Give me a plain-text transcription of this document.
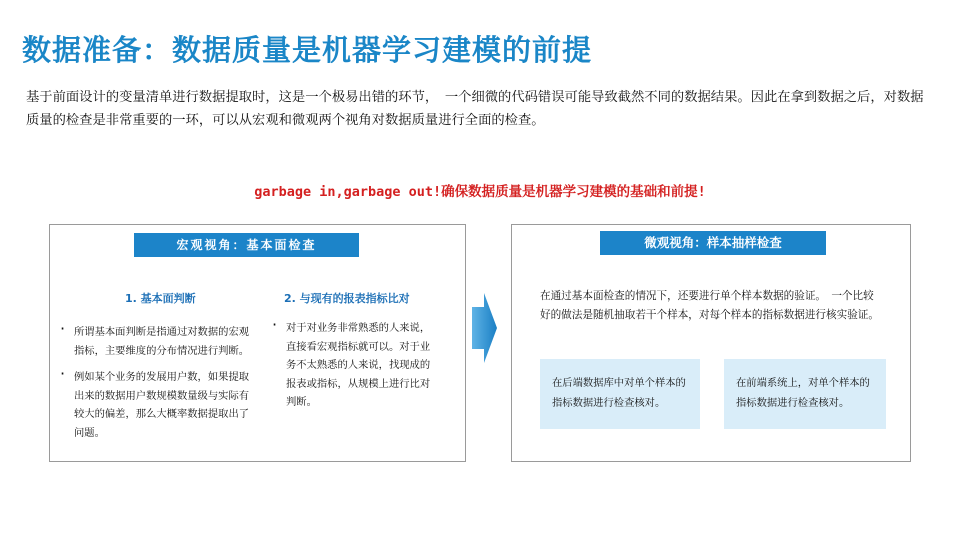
数据准备：数据质量是机器学习建模的前提

基于前面设计的变量清单进行数据提取时，这是一个极易出错的环节，　一个细微的代码错误可能导致截然不同的数据结果。因此在拿到数据之后，对数据质量的检查是非常重要的一环，可以从宏观和微观两个视角对数据质量进行全面的检查。

garbage in,garbage out!确保数据质量是机器学习建模的基础和前提!

宏观视角：基本面检查
1. 基本面判断	2. 与现有的报表指标比对
· 所谓基本面判断是指通过对数据的宏观指标，主要维度的分布情况进行判断。
· 例如某个业务的发展用户数，如果提取出来的数据用户数规模数量级与实际有较大的偏差，那么大概率数据提取出了问题。
· 对于对业务非常熟悉的人来说，直接看宏观指标就可以。对于业务不太熟悉的人来说，找现成的报表或指标，从规模上进行比对判断。
微观视角：样本抽样检查

在通过基本面检查的情况下，还要进行单个样本数据的验证。　一个比较好的做法是随机抽取若干个样本，对每个样本的指标数据进行核实验证。

在后端数据库中对单个样本的指标数据进行检查核对。
在前端系统上，对单个样本的指标数据进行检查核对。
